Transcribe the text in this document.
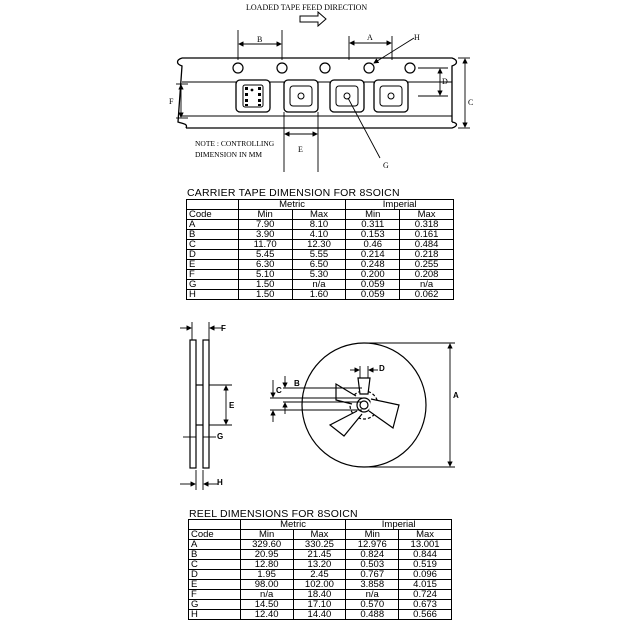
LOADED TAPE FEED DIRECTION
B	A	H
D
C
F
E
G
NOTE : CONTROLLING
DIMENSION IN MM
CARRIER TAPE DIMENSION FOR 8SOICN
	Metric		Imperial	
Code	Min	Max	Min	Max
A	7.90	8.10	0.311	0.318
B	3.90	4.10	0.153	0.161
C	11.70	12.30	0.46	0.484
D	5.45	5.55	0.214	0.218
E	6.30	6.50	0.248	0.255
F	5.10	5.30	0.200	0.208
G	1.50	n/a	0.059	n/a
H	1.50	1.60	0.059	0.062
F
E
G
H
B
C
D
A
REEL DIMENSIONS FOR 8SOICN
	Metric		Imperial	
Code	Min	Max	Min	Max
A	329.60	330.25	12.976	13.001
B	20.95	21.45	0.824	0.844
C	12.80	13.20	0.503	0.519
D	1.95	2.45	0.767	0.096
E	98.00	102.00	3.858	4.015
F	n/a	18.40	n/a	0.724
G	14.50	17.10	0.570	0.673
H	12.40	14.40	0.488	0.566
